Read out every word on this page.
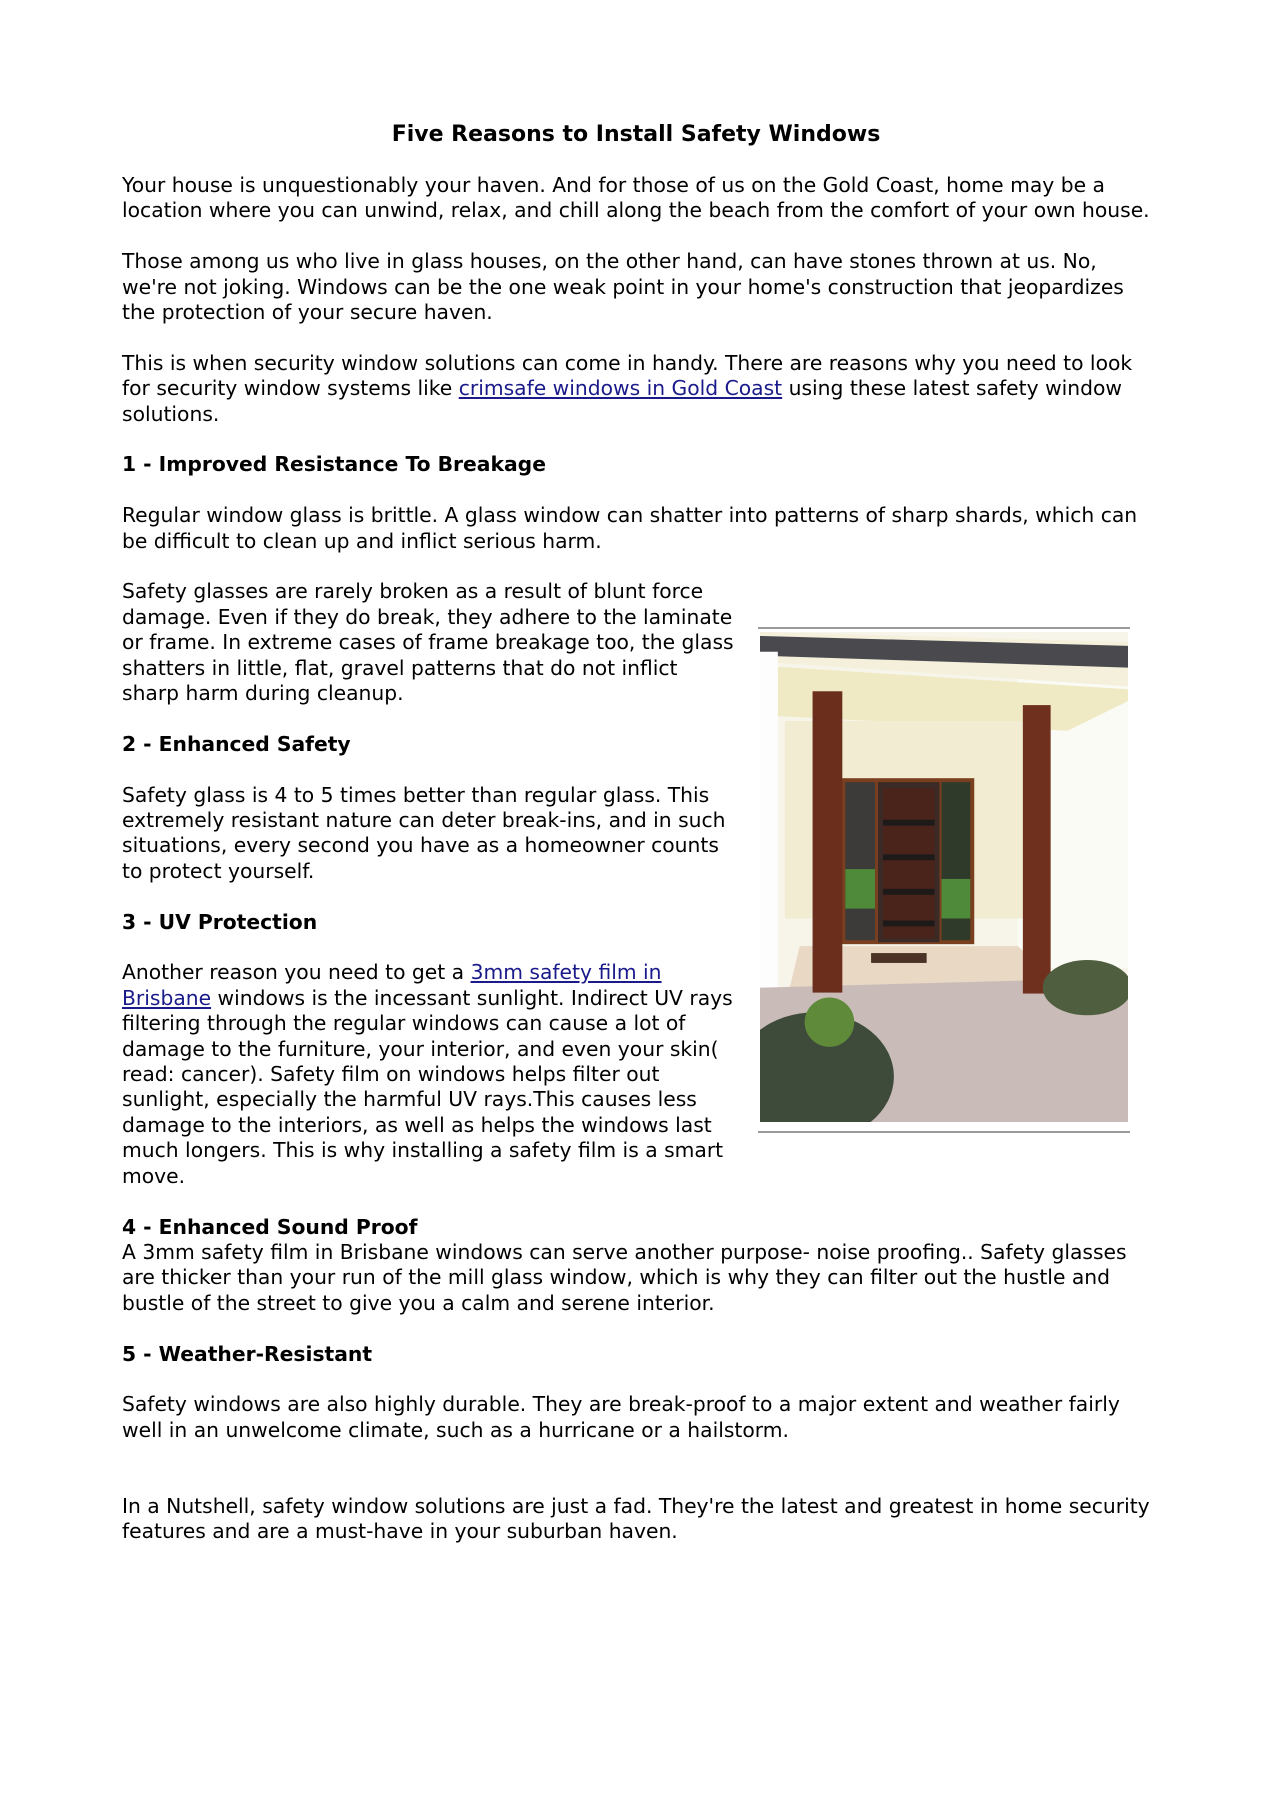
Five Reasons to Install Safety Windows

Your house is unquestionably your haven. And for those of us on the Gold Coast, home may be a location where you can unwind, relax, and chill along the beach from the comfort of your own house.

Those among us who live in glass houses, on the other hand, can have stones thrown at us. No, we're not joking. Windows can be the one weak point in your home's construction that jeopardizes the protection of your secure haven.

This is when security window solutions can come in handy. There are reasons why you need to look for security window systems like crimsafe windows in Gold Coast using these latest safety window solutions.

1 - Improved Resistance To Breakage

Regular window glass is brittle. A glass window can shatter into patterns of sharp shards, which can be difficult to clean up and inflict serious harm.

Safety glasses are rarely broken as a result of blunt force damage. Even if they do break, they adhere to the laminate or frame. In extreme cases of frame breakage too, the glass shatters in little, flat, gravel patterns that do not inflict sharp harm during cleanup.

2 - Enhanced Safety

Safety glass is 4 to 5 times better than regular glass. This extremely resistant nature can deter break-ins, and in such situations, every second you have as a homeowner counts to protect yourself.

3 - UV Protection

Another reason you need to get a 3mm safety film in Brisbane windows is the incessant sunlight. Indirect UV rays filtering through the regular windows can cause a lot of damage to the furniture, your interior, and even your skin( read: cancer). Safety film on windows helps filter out sunlight, especially the harmful UV rays.This causes less damage to the interiors, as well as helps the windows last much longers. This is why installing a safety film is a smart move.

4 - Enhanced Sound Proof

A 3mm safety film in Brisbane windows can serve another purpose- noise proofing.. Safety glasses are thicker than your run of the mill glass window, which is why they can filter out the hustle and bustle of the street to give you a calm and serene interior.

5 - Weather-Resistant

Safety windows are also highly durable. They are break-proof to a major extent and weather fairly well in an unwelcome climate, such as a hurricane or a hailstorm.

In a Nutshell, safety window solutions are just a fad. They're the latest and greatest in home security features and are a must-have in your suburban haven.
